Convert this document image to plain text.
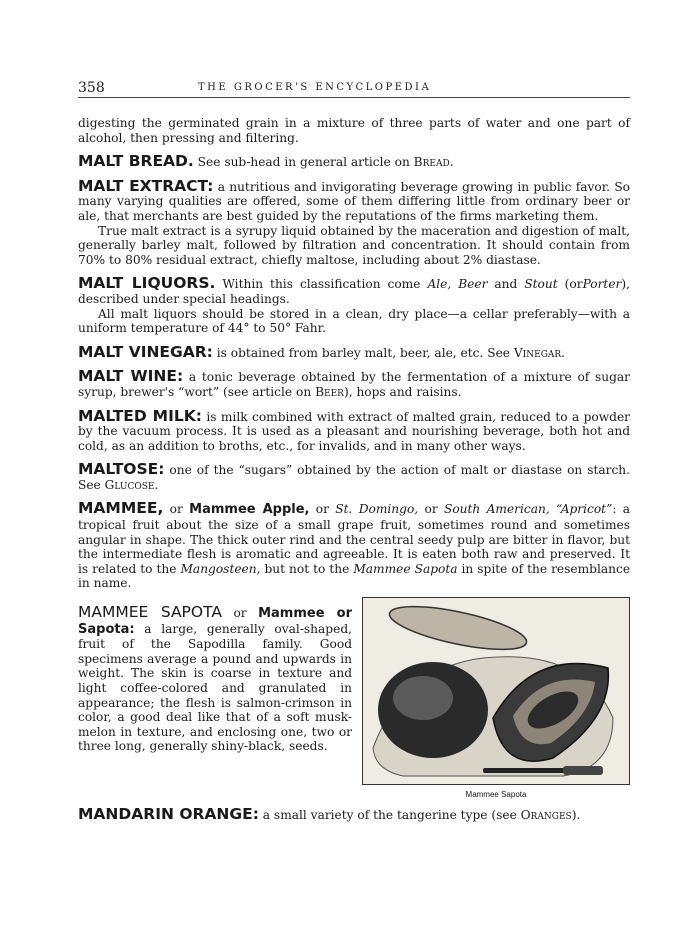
358	THE GROCER'S ENCYCLOPEDIA

digesting the germinated grain in a mixture of three parts of water and one part of alcohol, then pressing and filtering.

MALT BREAD. See sub-head in general article on Bread.

MALT EXTRACT: a nutritious and invigorating beverage growing in public favor. So many varying qualities are offered, some of them differing little from ordinary beer or ale, that merchants are best guided by the reputations of the firms marketing them.

True malt extract is a syrupy liquid obtained by the maceration and digestion of malt, generally barley malt, followed by filtration and concentration. It should contain from 70% to 80% residual extract, chiefly maltose, including about 2% diastase.

MALT LIQUORS. Within this classification come Ale, Beer and Stout (orPorter), described under special headings.

All malt liquors should be stored in a clean, dry place—a cellar preferably—with a uniform temperature of 44° to 50° Fahr.

MALT VINEGAR: is obtained from barley malt, beer, ale, etc. See Vinegar.

MALT WINE: a tonic beverage obtained by the fermentation of a mixture of sugar syrup, brewer's “wort” (see article on Beer), hops and raisins.

MALTED MILK: is milk combined with extract of malted grain, reduced to a powder by the vacuum process. It is used as a pleasant and nourishing beverage, both hot and cold, as an addition to broths, etc., for invalids, and in many other ways.

MALTOSE: one of the “sugars” obtained by the action of malt or diastase on starch. See Glucose.

MAMMEE, or Mammee Apple, or St. Domingo, or South American, “Apricot”: a tropical fruit about the size of a small grape fruit, sometimes round and sometimes angular in shape. The thick outer rind and the central seedy pulp are bitter in flavor, but the intermediate flesh is aromatic and agreeable. It is eaten both raw and preserved. It is related to the Mangosteen, but not to the Mammee Sapota in spite of the resemblance in name.

Mammee Sapota

MAMMEE SAPOTA or Mammee or Sapota: a large, generally oval-shaped, fruit of the Sapodilla family. Good specimens average a pound and upwards in weight. The skin is coarse in texture and light coffee-colored and granulated in appearance; the flesh is salmon-crimson in color, a good deal like that of a soft musk-melon in texture, and enclosing one, two or three long, generally shiny-black, seeds.

MANDARIN ORANGE: a small variety of the tangerine type (see Oranges).
